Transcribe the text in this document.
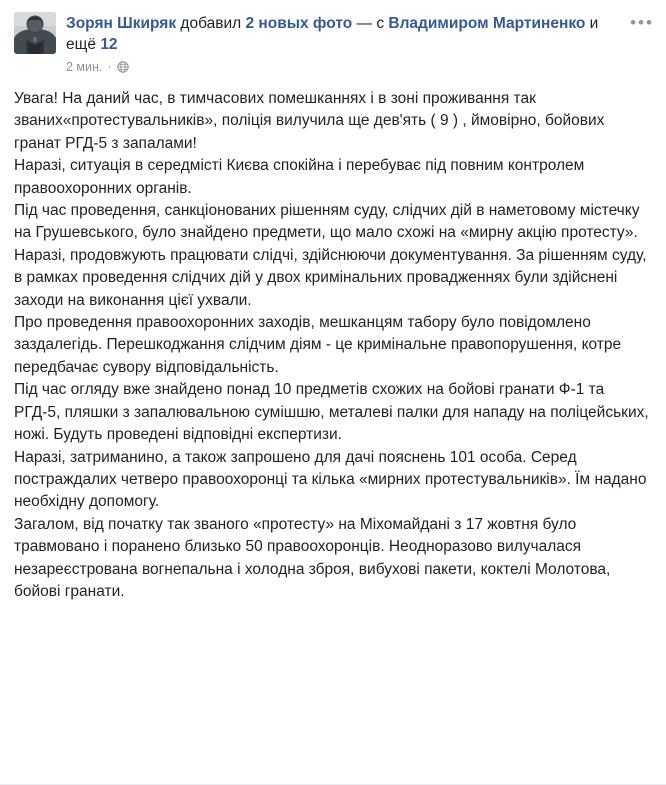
Зорян Шкиряк добавил 2 новых фото — с Владимиром Мартиненко и ещё 12
2 мин. ·
•••

Увага! На даний час, в тимчасових помешканнях і в зоні проживання так званих«протестувальників», поліція вилучила ще дев'ять ( 9 ) , ймовірно, бойових гранат РГД-5 з запалами!

Наразі, ситуація в середмісті Києва спокійна і перебуває під повним контролем правоохоронних органів.

Під час проведення, санкціонованих рішенням суду, слідчих дій в наметовому містечку на Грушевського, було знайдено предмети, що мало схожі на «мирну акцію протесту».

Наразі, продовжують працювати слідчі, здійснюючи документування. За рішенням суду, в рамках проведення слідчих дій у двох кримінальних провадженнях були здійснені заходи на виконання цієї ухвали.

Про проведення правоохоронних заходів, мешканцям табору було повідомлено заздалегідь. Перешкоджання слідчим діям - це кримінальне правопорушення, котре передбачає сувору відповідальність.

Під час огляду вже знайдено понад 10 предметів схожих на бойові гранати Ф-1 та РГД-5, пляшки з запалювальною сумішшю, металеві палки для нападу на поліцейських, ножі. Будуть проведені відповідні експертизи.

Наразі, затриманино, а також запрошено для дачі пояснень 101 особа. Серед постраждалих четверо правоохоронці та кілька «мирних протестувальників». Їм надано необхідну допомогу.

Загалом, від початку так званого «протесту» на Міхомайдані з 17 жовтня було травмовано і поранено близько 50 правоохоронців. Неодноразово вилучалася незареєстрована вогнепальна і холодна зброя, вибухові пакети, коктелі Молотова, бойові гранати.
